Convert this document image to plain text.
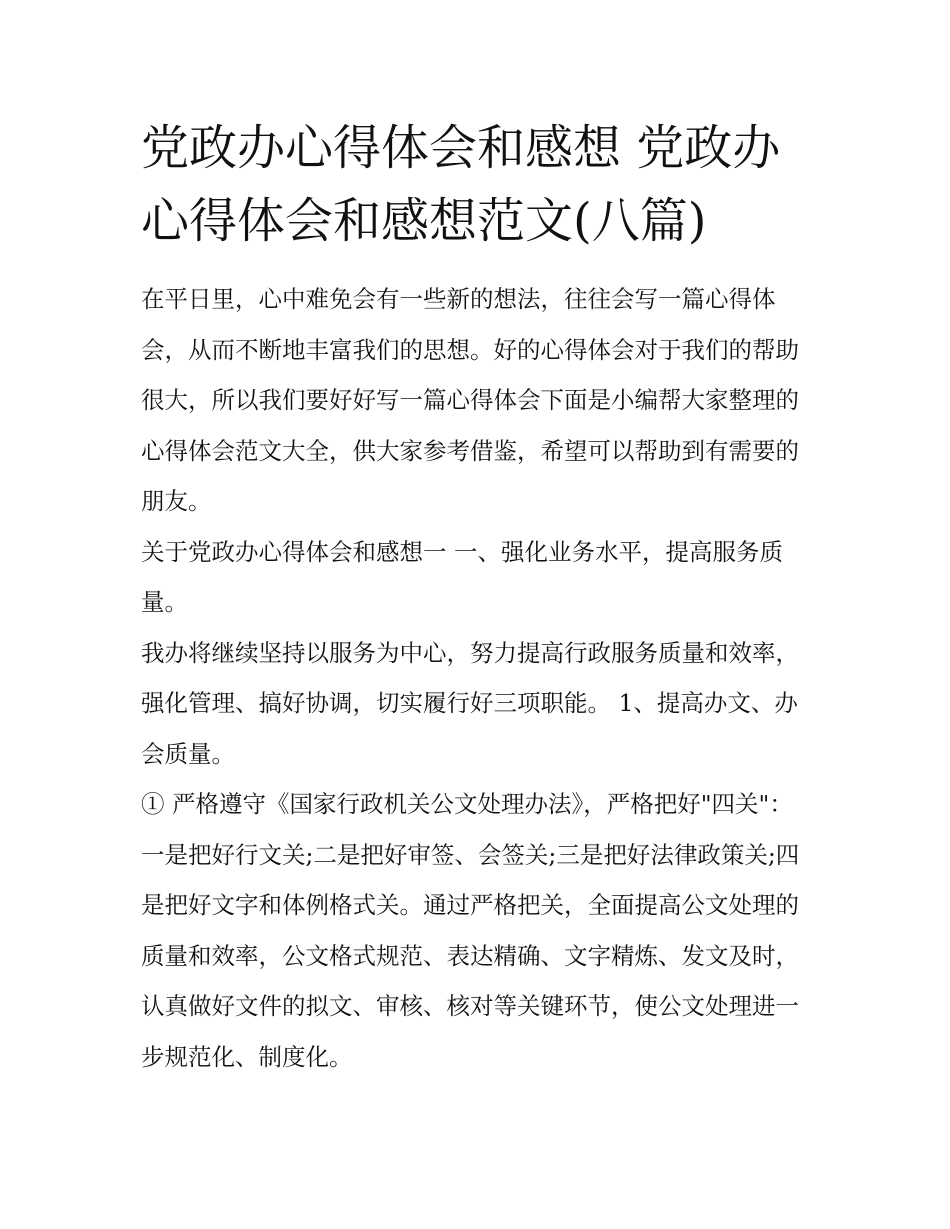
党政办心得体会和感想 党政办心得体会和感想范文(八篇)

在平日里，心中难免会有一些新的想法，往往会写一篇心得体会，从而不断地丰富我们的思想。好的心得体会对于我们的帮助很大，所以我们要好好写一篇心得体会下面是小编帮大家整理的心得体会范文大全，供大家参考借鉴，希望可以帮助到有需要的朋友。

关于党政办心得体会和感想一 一、强化业务水平，提高服务质量。

我办将继续坚持以服务为中心，努力提高行政服务质量和效率，强化管理、搞好协调，切实履行好三项职能。 1、提高办文、办会质量。

① 严格遵守《国家行政机关公文处理办法》，严格把好"四关"：一是把好行文关;二是把好审签、会签关;三是把好法律政策关;四是把好文字和体例格式关。通过严格把关，全面提高公文处理的质量和效率，公文格式规范、表达精确、文字精炼、发文及时，认真做好文件的拟文、审核、核对等关键环节，使公文处理进一步规范化、制度化。
